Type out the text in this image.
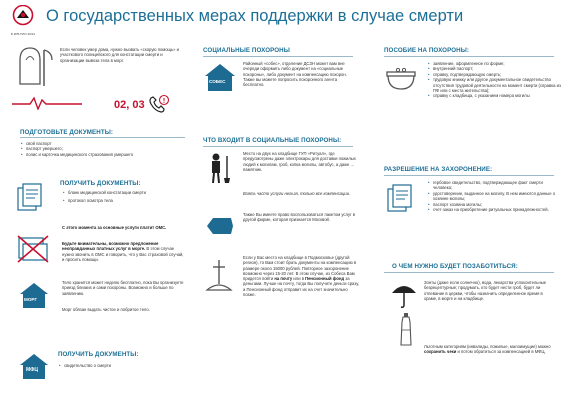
Б.КРБ ПЛО 20/21
О государственных мерах поддержки в случае смерти
Если человек умер дома, нужно вызвать «скорую помощь» и участкового полицейского для констатации смерти и организации вывоза тела в морг.
02, 03
ПОДГОТОВЬТЕ ДОКУМЕНТЫ:
• свой паспорт
• паспорт умершего;
• полис и карточка медицинского страхования умершего
ПОЛУЧИТЬ ДОКУМЕНТЫ:
• бланк медицинской констатации смерти
• протокол осмотра тела
С этого момента за основные услуги платит ОМС.
Будьте внимательны, возможно предложение неоправданных платных услуг в морге. В этом случае нужно звонить в ОМС и говорить, что у Вас страховой случай, и просить помощи.
МОРГ
Тело хранится может неделю бесплатно, пока Вы организуете приезд близких и сами похороны. Возможно и больше по заявлению.
Морг обязан выдать чистое и побритое тело.
ПОЛУЧИТЬ ДОКУМЕНТЫ:
МФЦ
• свидетельство о смерти
СОЦИАЛЬНЫЕ ПОХОРОНЫ
СОБЕС
Районный «собес», отделение ДСЗН может вам вне очереди оформить либо документ на «социальные похороны», либо документ на компенсацию похорон. Также вы можете попросить похоронного агента бесплатно.
ЧТО ВХОДИТ В СОЦИАЛЬНЫЕ ПОХОРОНЫ:
Место на двух на кладбище ГУП «Ритуал», где предусмотрены даже электрокары для доставки пожилых людей к могилам, гроб, копка могилы, автобус, а даже ... памятник.
Взять часто услуги нельзя, только все компенсации.
Также Вы имеете право воспользоваться пакетом услуг в другой фирме, которая признается Москвой.
Если у Вас место на кладбище в Подмосковье (другой регион), то Вам стоит брать документы на компенсацию в размере около 15000 рублей. Повторное захоронение возможно через 15-20 лет. В этом случае, из Собеса Вам придется пойти на почту или в Пенсионный фонд за деньгами. Лучше на почту, тогда Вы получите деньги сразу, а Пенсионный фонд отправит их на счет значительно позже.
ПОСОБИЕ НА ПОХОРОНЫ:
• заявление, оформленное по форме;
• внутренний паспорт;
• справку, подтверждающую смерть;
• трудовую книжку или другое документальное свидетельство отсутствия трудовой деятельности на момент смерти (справка из ПФ или с места жительства);
• справку с кладбища, с указанием номера могилы
РАЗРЕШЕНИЕ НА ЗАХОРОНЕНИЕ:
• гербовое свидетельство, подтверждающее факт смерти человека;
• удостоверение, выданное на могилу. В нем имеются данные о хозяине могилы;
• паспорт хозяина могилы;
• счет-заказ на приобретение ритуальных принадлежностей.
О ЧЕМ НУЖНО БУДЕТ ПОЗАБОТИТЬСЯ:
Зонты (даже если солнечно), вода, лекарства успокоительные безрецептурные; продумать, кто будет нести гроб, будет ли отпевание в церкви, чтобы назначить определенное время в храме, в морге и на кладбище.
Льготным категориям (инвалиды, пожилые, малоимущие) можно сохранить чеки и потом обратиться за компенсацией в МФЦ.
